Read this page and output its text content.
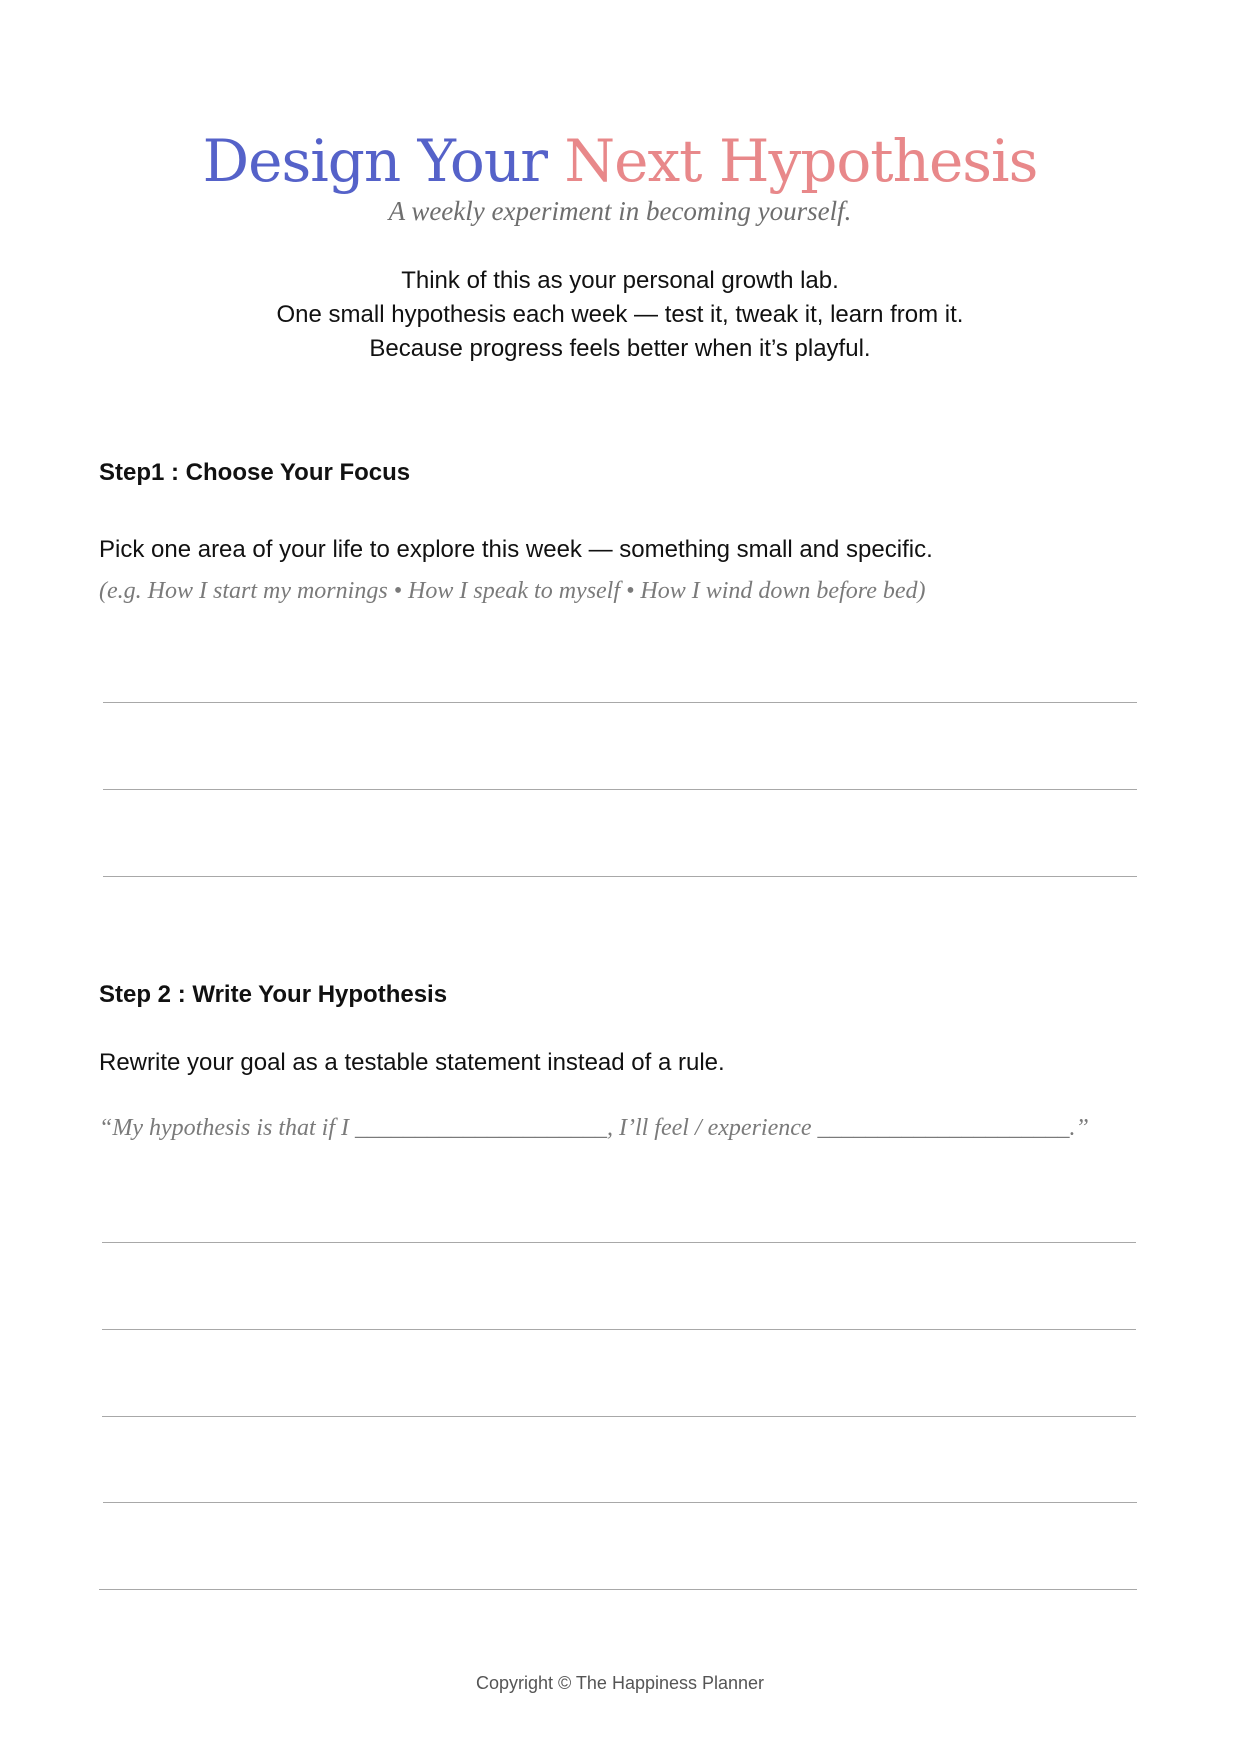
Design Your Next Hypothesis
A weekly experiment in becoming yourself.
Think of this as your personal growth lab.
One small hypothesis each week — test it, tweak it, learn from it.
Because progress feels better when it’s playful.
Step1 : Choose Your Focus
Pick one area of your life to explore this week — something small and specific.
(e.g. How I start my mornings • How I speak to myself • How I wind down before bed)
Step 2 : Write Your Hypothesis
Rewrite your goal as a testable statement instead of a rule.
“My hypothesis is that if I _____________________, I’ll feel / experience _____________________.”
Copyright © The Happiness Planner
